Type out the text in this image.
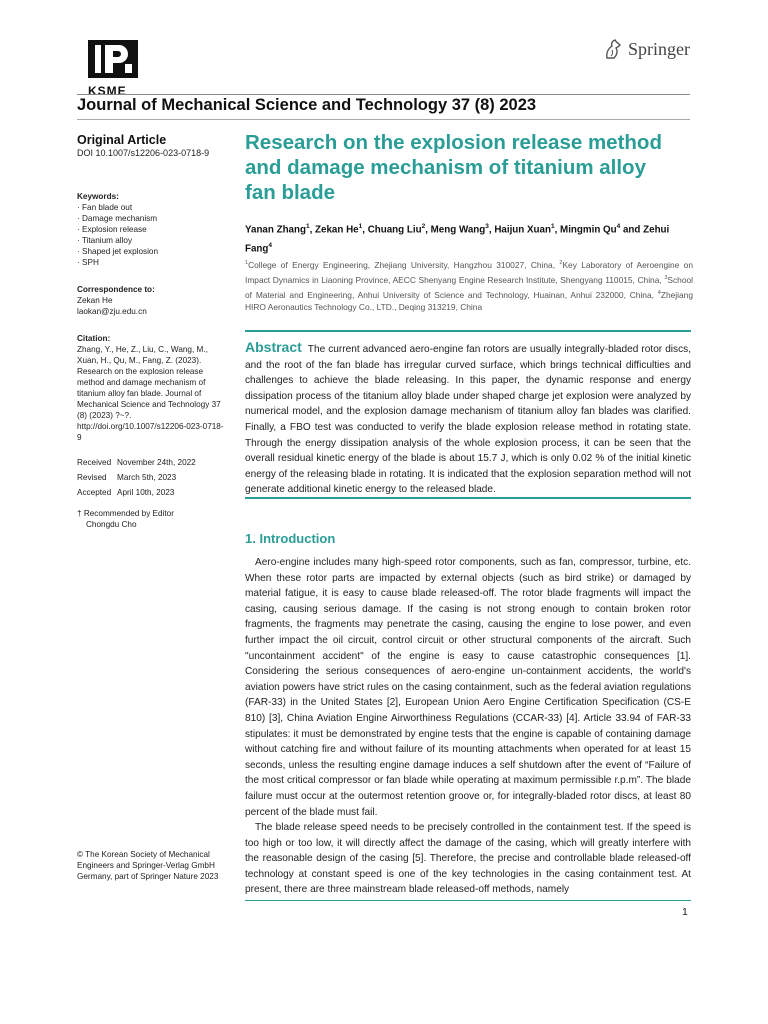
KSME
Springer
Journal of Mechanical Science and Technology 37 (8) 2023
Original Article
DOI 10.1007/s12206-023-0718-9
Keywords:
· Fan blade out
· Damage mechanism
· Explosion release
· Titanium alloy
· Shaped jet explosion
· SPH
Correspondence to:
Zekan He
laokan@zju.edu.cn
Citation:
Zhang, Y., He, Z., Liu, C., Wang, M., Xuan, H., Qu, M., Fang, Z. (2023). Research on the explosion release method and damage mechanism of titanium alloy fan blade. Journal of Mechanical Science and Technology 37 (8) (2023) ?~?.
http://doi.org/10.1007/s12206-023-0718-9
Received	November 24th, 2022
Revised	March 5th, 2023
Accepted	April 10th, 2023
† Recommended by Editor
Chongdu Cho
© The Korean Society of Mechanical Engineers and Springer-Verlag GmbH Germany, part of Springer Nature 2023
Research on the explosion release method and damage mechanism of titanium alloy fan blade
Yanan Zhang$^1$, Zekan He$^1$, Chuang Liu$^2$, Meng Wang$^3$, Haijun Xuan$^1$, Mingmin Qu$^4$ and Zehui Fang$^4$
$^1$College of Energy Engineering, Zhejiang University, Hangzhou 310027, China, $^2$Key Laboratory of Aeroengine on Impact Dynamics in Liaoning Province, AECC Shenyang Engine Research Institute, Shengyang 110015, China, $^3$School of Material and Engineering, Anhui University of Science and Technology, Huainan, Anhui 232000, China, $^4$Zhejiang HIRO Aeronautics Technology Co., LTD., Deqing 313219, China
Abstract The current advanced aero-engine fan rotors are usually integrally-bladed rotor discs, and the root of the fan blade has irregular curved surface, which brings technical difficulties and challenges to achieve the blade releasing. In this paper, the dynamic response and energy dissipation process of the titanium alloy blade under shaped charge jet explosion were analyzed by numerical model, and the explosion damage mechanism of titanium alloy fan blades was clarified. Finally, a FBO test was conducted to verify the blade explosion release method in rotating state. Through the energy dissipation analysis of the whole explosion process, it can be seen that the overall residual kinetic energy of the blade is about 15.7 J, which is only 0.02 % of the initial kinetic energy of the releasing blade in rotating. It is indicated that the explosion separation method will not generate additional kinetic energy to the released blade.
1. Introduction

Aero-engine includes many high-speed rotor components, such as fan, compressor, turbine, etc. When these rotor parts are impacted by external objects (such as bird strike) or damaged by material fatigue, it is easy to cause blade released-off. The rotor blade fragments will impact the casing, causing serious damage. If the casing is not strong enough to contain broken rotor fragments, the fragments may penetrate the casing, causing the engine to lose power, and even further impact the oil circuit, control circuit or other structural components of the aircraft. Such "uncontainment accident" of the engine is easy to cause catastrophic consequences [1]. Considering the serious consequences of aero-engine un-containment accidents, the world's aviation powers have strict rules on the casing containment, such as the federal aviation regulations (FAR-33) in the United States [2], European Union Aero Engine Certification Specification (CS-E 810) [3], China Aviation Engine Airworthiness Regulations (CCAR-33) [4]. Article 33.94 of FAR-33 stipulates: it must be demonstrated by engine tests that the engine is capable of containing damage without catching fire and without failure of its mounting attachments when operated for at least 15 seconds, unless the resulting engine damage induces a self shutdown after the event of “Failure of the most critical compressor or fan blade while operating at maximum permissible r.p.m”. The blade failure must occur at the outermost retention groove or, for integrally-bladed rotor discs, at least 80 percent of the blade must fail.

The blade release speed needs to be precisely controlled in the containment test. If the speed is too high or too low, it will directly affect the damage of the casing, which will greatly interfere with the reasonable design of the casing [5]. Therefore, the precise and controllable blade released-off technology at constant speed is one of the key technologies in the casing containment test. At present, there are three mainstream blade released-off methods, namely

1
